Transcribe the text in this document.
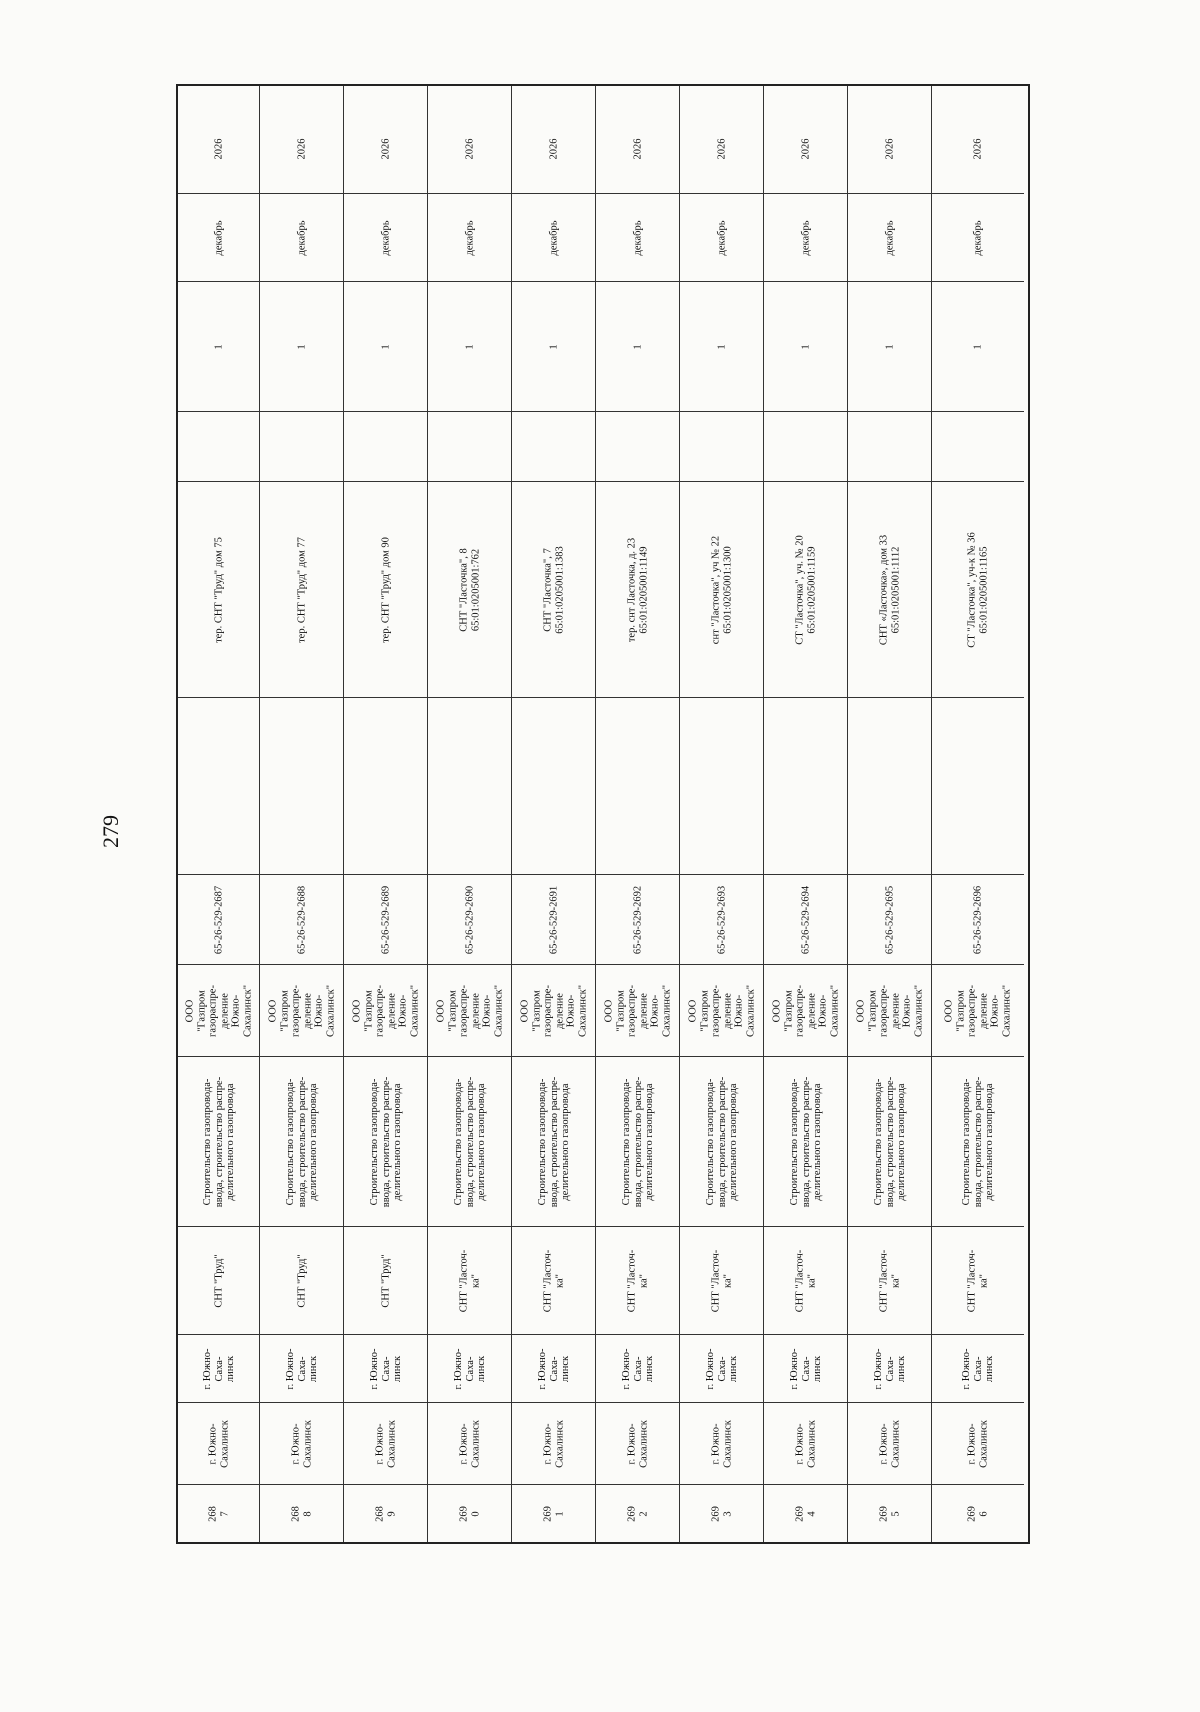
279
268
7
г. Южно-
Сахалинск
г. Южно-
Саха-
линск
СНТ "Труд"
Строительство газопровода-
ввода, строительство распре-
делительного газопровода
ООО
"Газпром
газораспре-
деление
Южно-
Сахалинск"
65-26-529-2687
тер. СНТ "Труд" дом 75
1
декабрь
2026
268
8
г. Южно-
Сахалинск
г. Южно-
Саха-
линск
СНТ "Труд"
Строительство газопровода-
ввода, строительство распре-
делительного газопровода
ООО
"Газпром
газораспре-
деление
Южно-
Сахалинск"
65-26-529-2688
тер. СНТ "Труд" дом 77
1
декабрь
2026
268
9
г. Южно-
Сахалинск
г. Южно-
Саха-
линск
СНТ "Труд"
Строительство газопровода-
ввода, строительство распре-
делительного газопровода
ООО
"Газпром
газораспре-
деление
Южно-
Сахалинск"
65-26-529-2689
тер. СНТ "Труд" дом 90
1
декабрь
2026
269
0
г. Южно-
Сахалинск
г. Южно-
Саха-
линск
СНТ "Ласточ-
ка"
Строительство газопровода-
ввода, строительство распре-
делительного газопровода
ООО
"Газпром
газораспре-
деление
Южно-
Сахалинск"
65-26-529-2690
СНТ "Ласточка", 8
65:01:0205001:762
1
декабрь
2026
269
1
г. Южно-
Сахалинск
г. Южно-
Саха-
линск
СНТ "Ласточ-
ка"
Строительство газопровода-
ввода, строительство распре-
делительного газопровода
ООО
"Газпром
газораспре-
деление
Южно-
Сахалинск"
65-26-529-2691
СНТ "Ласточка", 7
65:01:0205001:1383
1
декабрь
2026
269
2
г. Южно-
Сахалинск
г. Южно-
Саха-
линск
СНТ "Ласточ-
ка"
Строительство газопровода-
ввода, строительство распре-
делительного газопровода
ООО
"Газпром
газораспре-
деление
Южно-
Сахалинск"
65-26-529-2692
тер. снт Ласточка, д. 23
65:01:0205001:1149
1
декабрь
2026
269
3
г. Южно-
Сахалинск
г. Южно-
Саха-
линск
СНТ "Ласточ-
ка"
Строительство газопровода-
ввода, строительство распре-
делительного газопровода
ООО
"Газпром
газораспре-
деление
Южно-
Сахалинск"
65-26-529-2693
снт "Ласточка", уч № 22
65:01:0205001:1300
1
декабрь
2026
269
4
г. Южно-
Сахалинск
г. Южно-
Саха-
линск
СНТ "Ласточ-
ка"
Строительство газопровода-
ввода, строительство распре-
делительного газопровода
ООО
"Газпром
газораспре-
деление
Южно-
Сахалинск"
65-26-529-2694
СТ "Ласточка", уч. № 20
65:01:0205001:1159
1
декабрь
2026
269
5
г. Южно-
Сахалинск
г. Южно-
Саха-
линск
СНТ "Ласточ-
ка"
Строительство газопровода-
ввода, строительство распре-
делительного газопровода
ООО
"Газпром
газораспре-
деление
Южно-
Сахалинск"
65-26-529-2695
СНТ «Ласточка», дом 33
65:01:0205001:1112
1
декабрь
2026
269
6
г. Южно-
Сахалинск
г. Южно-
Саха-
линск
СНТ "Ласточ-
ка"
Строительство газопровода-
ввода, строительство распре-
делительного газопровода
ООО
"Газпром
газораспре-
деление
Южно-
Сахалинск"
65-26-529-2696
СТ "Ласточка", уч-к № 36
65:01:0205001:1165
1
декабрь
2026
